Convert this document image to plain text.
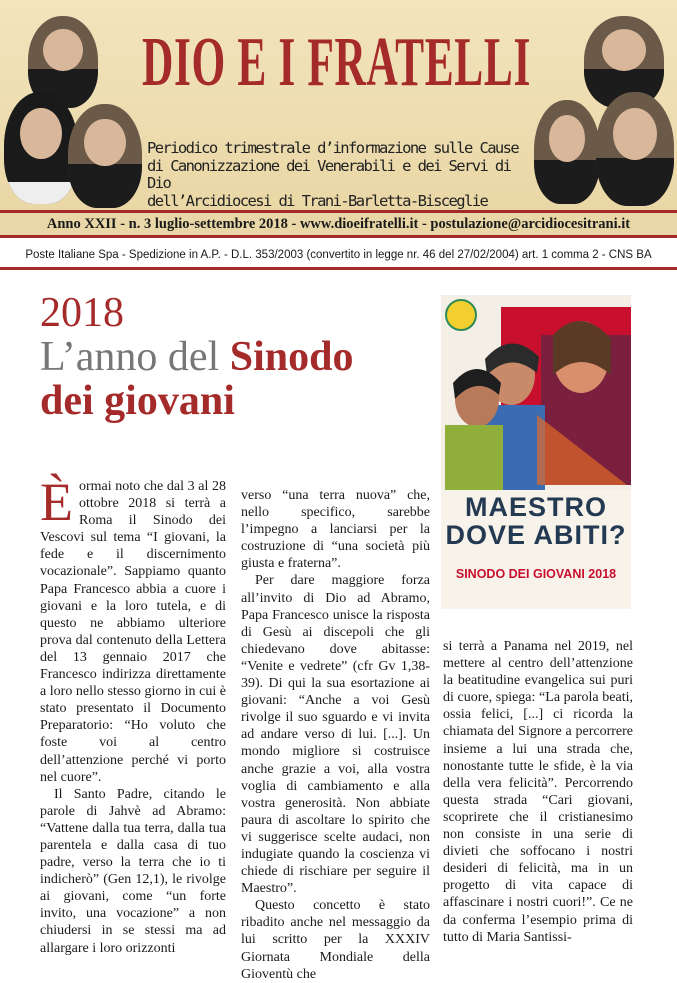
DIO E I FRATELLI
Periodico trimestrale d’informazione sulle Cause
di Canonizzazione dei Venerabili e dei Servi di Dio
dell’Arcidiocesi di Trani-Barletta-Bisceglie
Anno XXII - n. 3 luglio-settembre 2018 - www.dioeifratelli.it - postulazione@arcidiocesitrani.it
Poste Italiane Spa - Spedizione in A.P. - D.L. 353/2003 (convertito in legge nr. 46 del 27/02/2004) art. 1 comma 2 - CNS BA
2018
L’anno del Sinodo
dei giovani
MAESTRO
DOVE ABITI?
SINODO DEI GIOVANI 2018

Èormai noto che dal 3 al 28 ottobre 2018 si terrà a Roma il Sinodo dei Vescovi sul tema “I giovani, la fede e il discernimento vocazionale”. Sappiamo quanto Papa Francesco abbia a cuore i giovani e la loro tutela, e di questo ne abbiamo ulteriore prova dal contenuto della Lettera del 13 gennaio 2017 che Francesco indirizza direttamente a loro nello stesso giorno in cui è stato presentato il Documento Preparatorio: “Ho voluto che foste voi al centro dell’attenzione perché vi porto nel cuore”.

Il Santo Padre, citando le parole di Jahvè ad Abramo: “Vattene dalla tua terra, dalla tua parentela e dalla casa di tuo padre, verso la terra che io ti indicherò” (Gen 12,1), le rivolge ai giovani, come “un forte invito, una vocazione” a non chiudersi in se stessi ma ad allargare i loro orizzonti

verso “una terra nuova” che, nello specifico, sarebbe l’impegno a lanciarsi per la costruzione di “una società più giusta e fraterna”.

Per dare maggiore forza all’invito di Dio ad Abramo, Papa Francesco unisce la risposta di Gesù ai discepoli che gli chiedevano dove abitasse: “Venite e vedrete” (cfr Gv 1,38-39). Di qui la sua esortazione ai giovani: “Anche a voi Gesù rivolge il suo sguardo e vi invita ad andare verso di lui. [...]. Un mondo migliore si costruisce anche grazie a voi, alla vostra voglia di cambiamento e alla vostra generosità. Non abbiate paura di ascoltare lo spirito che vi suggerisce scelte audaci, non indugiate quando la coscienza vi chiede di rischiare per seguire il Maestro”.

Questo concetto è stato ribadito anche nel messaggio da lui scritto per la XXXIV Giornata Mondiale della Gioventù che

si terrà a Panama nel 2019, nel mettere al centro dell’attenzione la beatitudine evangelica sui puri di cuore, spiega: “La parola beati, ossia felici, [...] ci ricorda la chiamata del Signore a percorrere insieme a lui una strada che, nonostante tutte le sfide, è la via della vera felicità”. Percorrendo questa strada “Cari giovani, scoprirete che il cristianesimo non consiste in una serie di divieti che soffocano i nostri desideri di felicità, ma in un progetto di vita capace di affascinare i nostri cuori!”. Ce ne da conferma l’esempio prima di tutto di Maria Santissi-
